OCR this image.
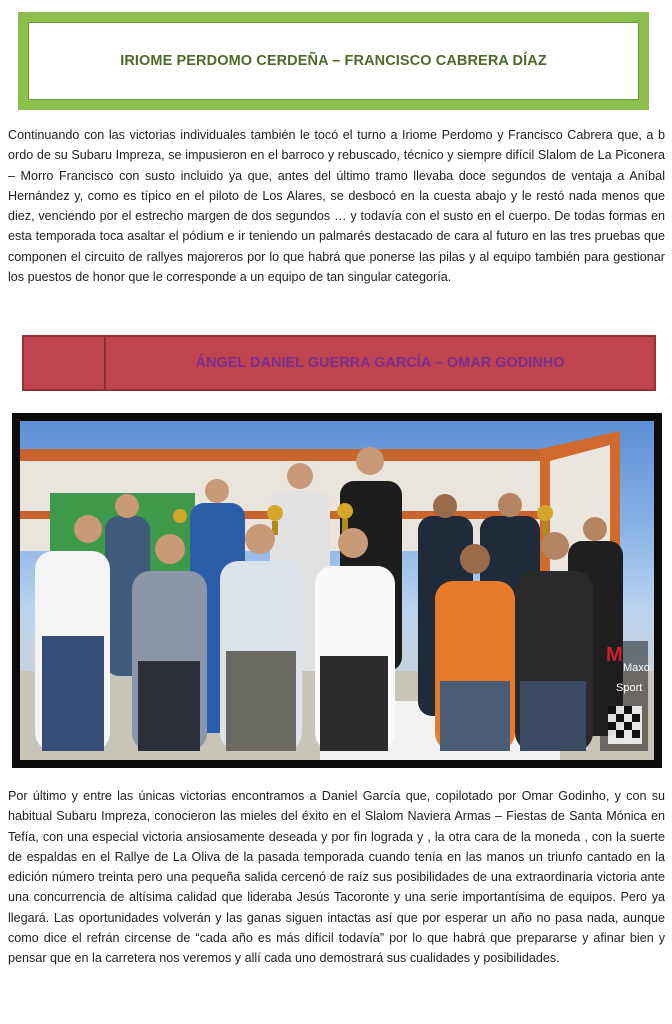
IRIOME PERDOMO CERDEÑA – FRANCISCO CABRERA DÍAZ

Continuando con las victorias individuales también le tocó el turno a Iriome Perdomo y Francisco Cabrera que, a b ordo de su Subaru Impreza, se impusieron en el barroco y rebuscado, técnico y siempre difícil Slalom de La Piconera – Morro Francisco con susto incluido ya que, antes del último tramo llevaba doce segundos de ventaja a Aníbal Hernández y, como es típico en el piloto de Los Alares, se desbocó en la cuesta abajo y le restó nada menos que diez, venciendo por el estrecho margen de dos segundos … y todavía con el susto en el cuerpo. De todas formas en esta temporada toca asaltar el pódium e ir teniendo un palmarés destacado de cara al futuro en las tres pruebas que componen el circuito de rallyes majoreros por lo que habrá que ponerse las pilas y al equipo también para gestionar los puestos de honor que le corresponde a un equipo de tan singular categoría.

ÁNGEL DANIEL GUERRA GARCÍA – OMAR GODINHO
M
Maxo
Sport

Por último y entre las únicas victorias encontramos a Daniel García que, copilotado por Omar Godinho, y con su habitual Subaru Impreza, conocieron las mieles del éxito en el Slalom Naviera Armas – Fiestas de Santa Mónica en Tefía, con una especial victoria ansiosamente deseada y por fin lograda y , la otra cara de la moneda , con la suerte de espaldas en el Rallye de La Oliva de la pasada temporada cuando tenía en las manos un triunfo cantado en la edición número treinta pero una pequeña salida cercenó de raíz sus posibilidades de una extraordinaria victoria ante una concurrencia de altísima calidad que lideraba Jesús Tacoronte y una serie importantísima de equipos. Pero ya llegará. Las oportunidades volverán y las ganas siguen intactas así que por esperar un año no pasa nada, aunque como dice el refrán circense de “cada año es más difícil todavía” por lo que habrá que prepararse y afinar bien y pensar que en la carretera nos veremos y allí cada uno demostrará sus cualidades y posibilidades.
